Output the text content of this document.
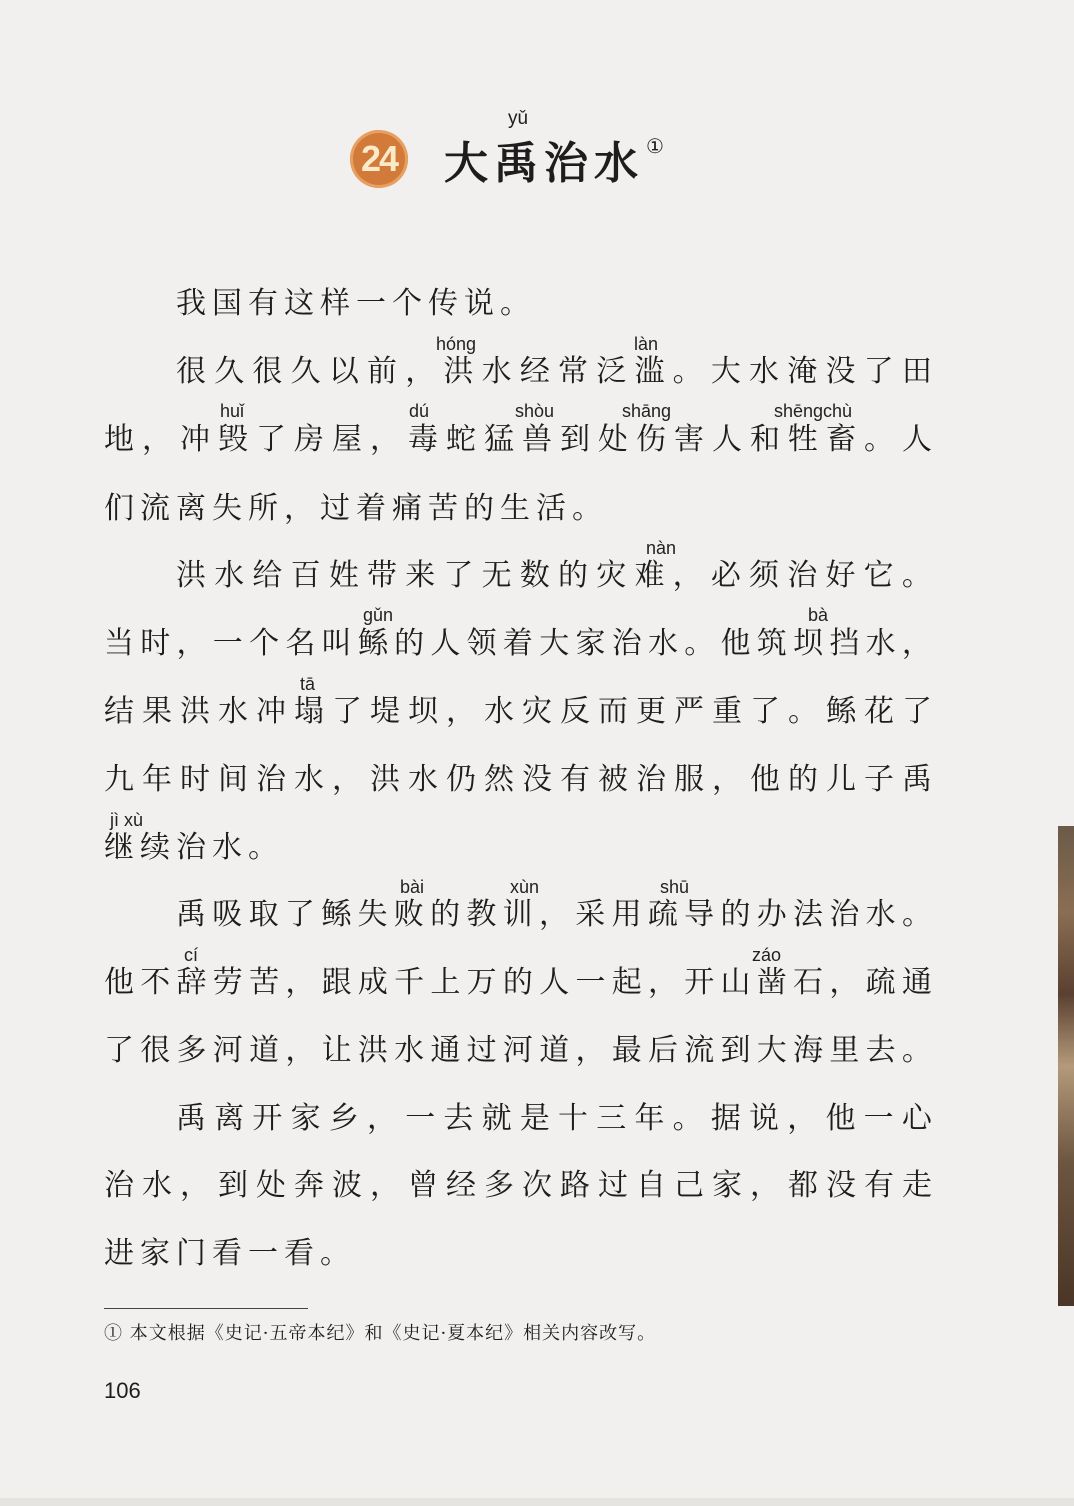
yǔ
24 大禹治水 ①
hóng	làn
huǐ	dú	shòu	shāng	shēngchù
nàn
gǔn	bà
tā
jì xù
bài	xùn	shū
cí	záo
我国有这样一个传说。
很 久 很 久 以 前 ， 洪 水 经 常 泛 滥 。 大 水 淹 没 了 田
地 ， 冲 毁 了 房 屋 ， 毒 蛇 猛 兽 到 处 伤 害 人 和 牲 畜 。 人
们流离失所，过着痛苦的生活。
洪 水 给 百 姓 带 来 了 无 数 的 灾 难 ， 必 须 治 好 它 。
当 时 ， 一 个 名 叫 鲧 的 人 领 着 大 家 治 水 。 他 筑 坝 挡 水 ，
结 果 洪 水 冲 塌 了 堤 坝 ， 水 灾 反 而 更 严 重 了 。 鲧 花 了
九 年 时 间 治 水 ， 洪 水 仍 然 没 有 被 治 服 ， 他 的 儿 子 禹
继续治水。
禹 吸 取 了 鲧 失 败 的 教 训 ， 采 用 疏 导 的 办 法 治 水 。
他 不 辞 劳 苦 ， 跟 成 千 上 万 的 人 一 起 ， 开 山 凿 石 ， 疏 通
了 很 多 河 道 ， 让 洪 水 通 过 河 道 ， 最 后 流 到 大 海 里 去 。
禹 离 开 家 乡 ， 一 去 就 是 十 三 年 。 据 说 ， 他 一 心
治 水 ， 到 处 奔 波 ， 曾 经 多 次 路 过 自 己 家 ， 都 没 有 走
进家门看一看。
① 本文根据《史记·五帝本纪》和《史记·夏本纪》相关内容改写。
106
